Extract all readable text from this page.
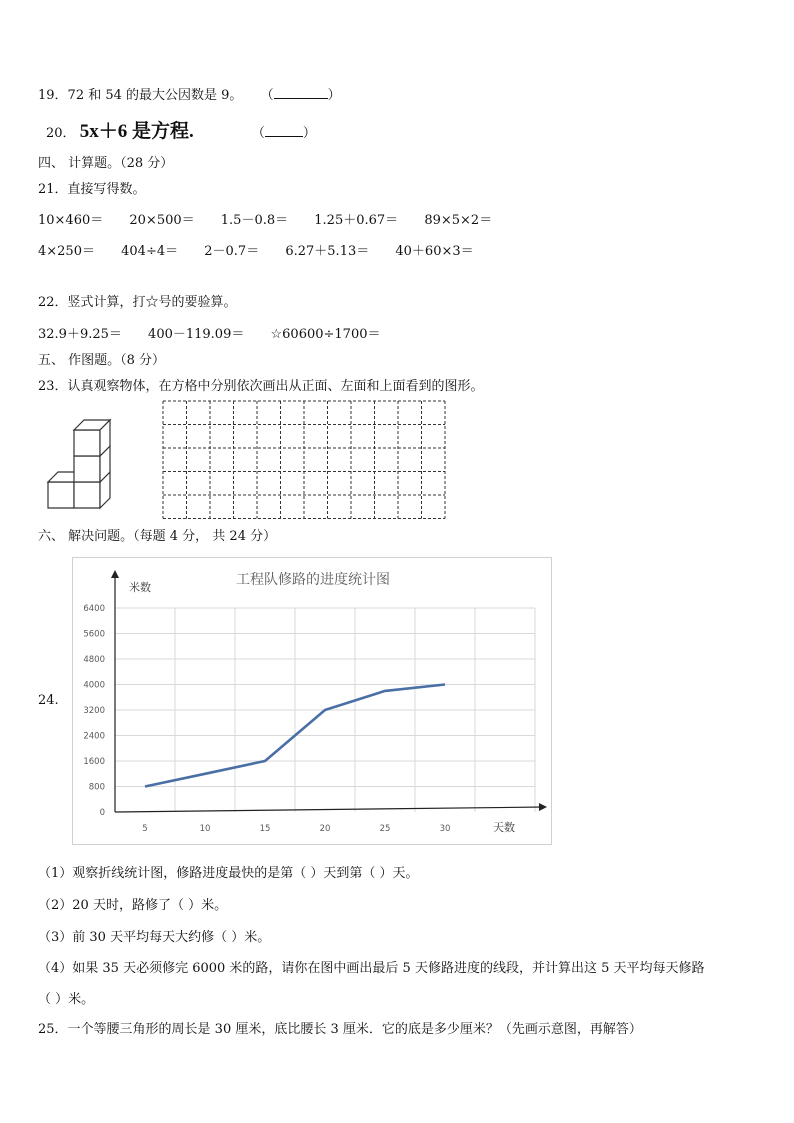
19．72 和 54 的最大公因数是 9。 （	）
20． 5x＋6 是方程.	（	）
四、 计算题。（28 分）
21．直接写得数。
10×460＝ 20×500＝ 1.5－0.8＝ 1.25＋0.67＝ 89×5×2＝
4×250＝ 404÷4＝ 2－0.7＝ 6.27＋5.13＝ 40＋60×3＝
22．竖式计算，打☆号的要验算。
32.9＋9.25＝ 400－119.09＝ ☆60600÷1700＝
五、 作图题。（8 分）
23．认真观察物体，在方格中分别依次画出从正面、左面和上面看到的图形。
六、 解决问题。（每题 4 分， 共 24 分）
24.
工程队修路的进度统计图
米数
天数
0
800
1600
2400
3200
4000
4800
5600
6400
5	10	15	20	25	30
（1）观察折线统计图，修路进度最快的是第（ ）天到第（ ）天。
（2）20 天时，路修了（ ）米。
（3）前 30 天平均每天大约修（ ）米。
（4）如果 35 天必须修完 6000 米的路，请你在图中画出最后 5 天修路进度的线段，并计算出这 5 天平均每天修路
（ ）米。
25．一个等腰三角形的周长是 30 厘米，底比腰长 3 厘米．它的底是多少厘米？（先画示意图，再解答）
